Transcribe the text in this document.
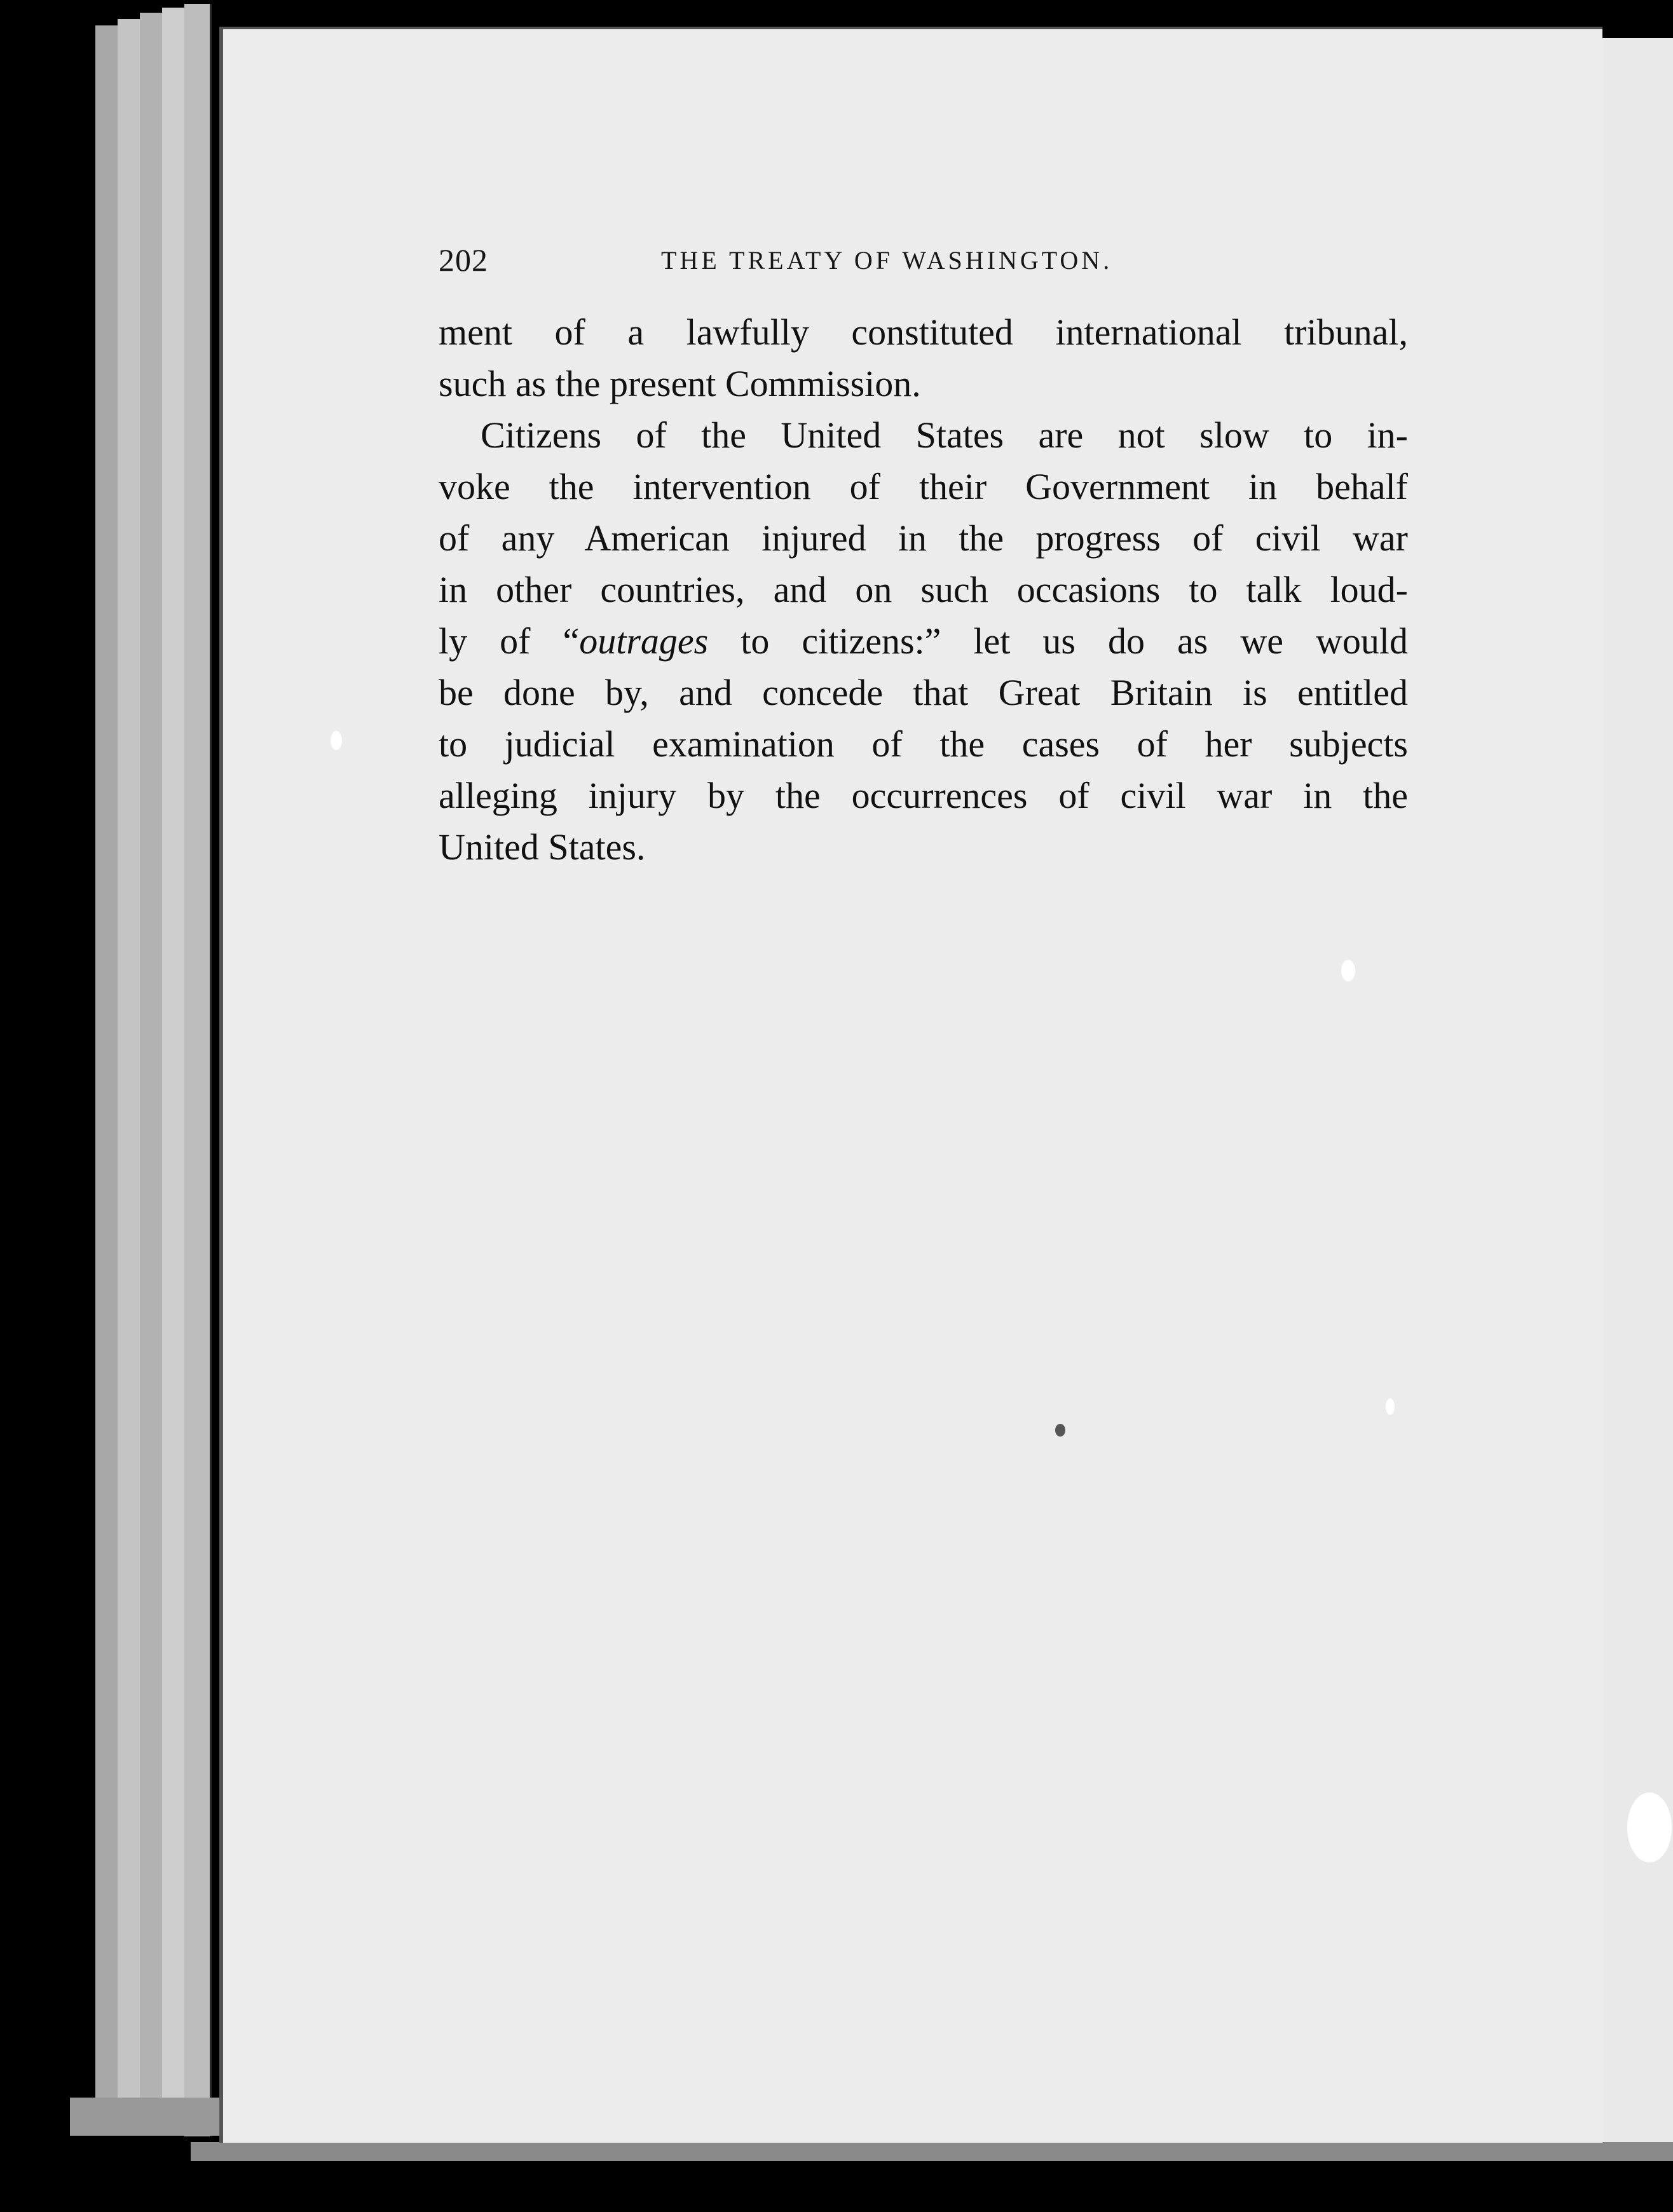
202	THE TREATY OF WASHINGTON.
ment of a lawfully constituted international tribunal,
such as the present Commission.
Citizens of the United States are not slow to in-
voke the intervention of their Government in behalf
of any American injured in the progress of civil war
in other countries, and on such occasions to talk loud-
ly of “outrages to citizens:” let us do as we would
be done by, and concede that Great Britain is entitled
to judicial examination of the cases of her subjects
alleging injury by the occurrences of civil war in the
United States.
